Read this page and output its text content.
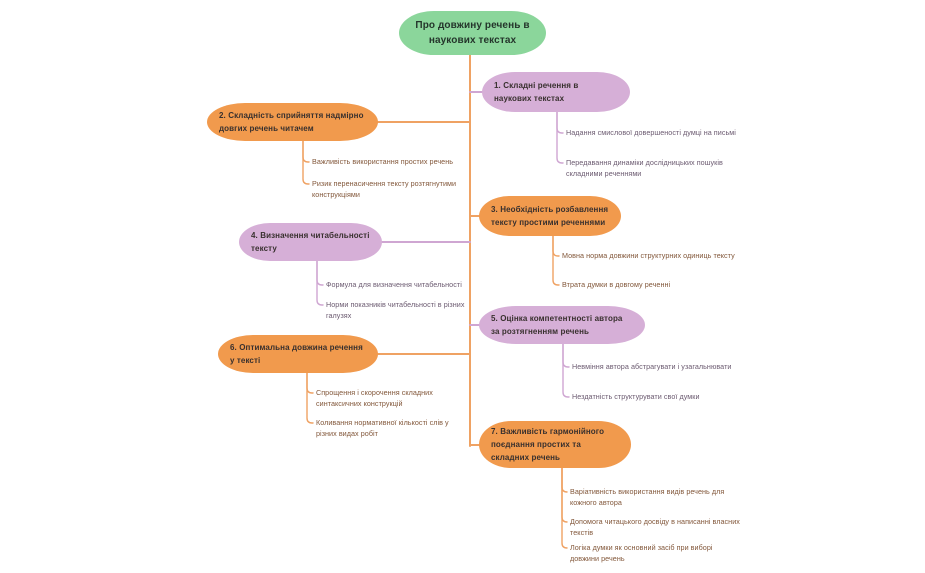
Про довжину речень в наукових текстах
1. Складні речення в наукових текстах
Надання смислової довершеності думці на письмі
Передавання динаміки дослідницьких пошуків складними реченнями
2. Складність сприйняття надмірно довгих речень читачем
Важливість використання простих речень
Ризик перенасичення тексту розтягнутими конструкціями
3. Необхідність розбавлення тексту простими реченнями
Мовна норма довжини структурних одиниць тексту
Втрата думки в довгому реченні
4. Визначення читабельності тексту
Формула для визначення читабельності
Норми показників читабельності в різних галузях	5. Оцінка компетентності автора за розтягненням речень
Невміння автора абстрагувати і узагальнювати
Нездатність структурувати свої думки
6. Оптимальна довжина речення у тексті
Спрощення і скорочення складних синтаксичних конструкцій
Коливання нормативної кількості слів у різних видах робіт	7. Важливість гармонійного поєднання простих та складних речень
Варіативність використання видів речень для кожного автора
Допомога читацького досвіду в написанні власних текстів
Логіка думки як основний засіб при виборі довжини речень
